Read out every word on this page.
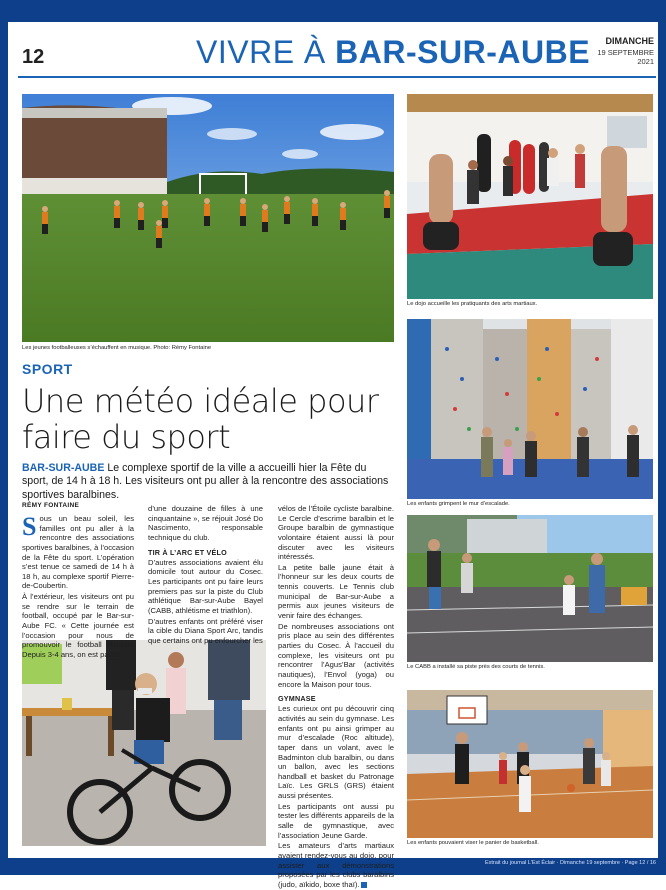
Extrait du journal L'Est Éclair · Dimanche 19 septembre · Page 12 / 16
12	VIVRE À BAR-SUR-AUBE	DIMANCHE
19 SEPTEMBRE 2021
Les jeunes footballeuses s’échauffent en musique. Photo: Rémy Fontaine
Le dojo accueille les pratiquants des arts martiaux.
Les enfants grimpent le mur d’escalade.
Le CABB a installé sa piste près des courts de tennis.
Les enfants pouvaient viser le panier de basketball.
SPORT
Une météo idéale pour faire du sport
BAR-SUR-AUBE Le complexe sportif de la ville a accueilli hier la Fête du sport, de 14 h à 18 h. Les visiteurs ont pu aller à la rencontre des associations sportives baralbines.
RÉMY FONTAINE

Sous un beau soleil, les familles ont pu aller à la rencontre des associations sportives baralbines, à l’occasion de la Fête du sport. L’opération s’est tenue ce samedi de 14 h à 18 h, au complexe sportif Pierre-de-Coubertin.

À l’extérieur, les visiteurs ont pu se rendre sur le terrain de football, occupé par le Bar-sur-Aube FC. « Cette journée est l’occasion pour nous de promouvoir le football féminin. Depuis 3-4 ans, on est passé

d’une douzaine de filles à une cinquantaine », se réjouit José Do Nascimento, responsable technique du club.

TIR À L’ARC ET VÉLO

D’autres associations avaient élu domicile tout autour du Cosec. Les participants ont pu faire leurs premiers pas sur la piste du Club athlétique Bar-sur-Aube Bayel (CABB, athlétisme et triathlon).

D’autres enfants ont préféré viser la cible du Diana Sport Arc, tandis que certains ont pu enfourcher les

vélos de l’Étoile cycliste baralbine. Le Cercle d’escrime baralbin et le Groupe baralbin de gymnastique volontaire étaient aussi là pour discuter avec les visiteurs intéressés.

La petite balle jaune était à l’honneur sur les deux courts de tennis couverts. Le Tennis club municipal de Bar-sur-Aube a permis aux jeunes visiteurs de venir faire des échanges.

De nombreuses associations ont pris place au sein des différentes parties du Cosec. À l’accueil du complexe, les visiteurs ont pu rencontrer l’Agus’Bar (activités nautiques), l’Envol (yoga) ou encore la Maison pour tous.

GYMNASE

Les curieux ont pu découvrir cinq activités au sein du gymnase. Les enfants ont pu ainsi grimper au mur d’escalade (Roc altitude), taper dans un volant, avec le Badminton club baralbin, ou dans un ballon, avec les sections handball et basket du Patronage Laïc. Les GRLS (GRS) étaient aussi présentes.

Les participants ont aussi pu tester les différents appareils de la salle de gymnastique, avec l’association Jeune Garde.

Les amateurs d’arts martiaux avaient rendez-vous au dojo, pour assister aux démonstrations proposées par les clubs baralbins (judo, aïkido, boxe thaï).
